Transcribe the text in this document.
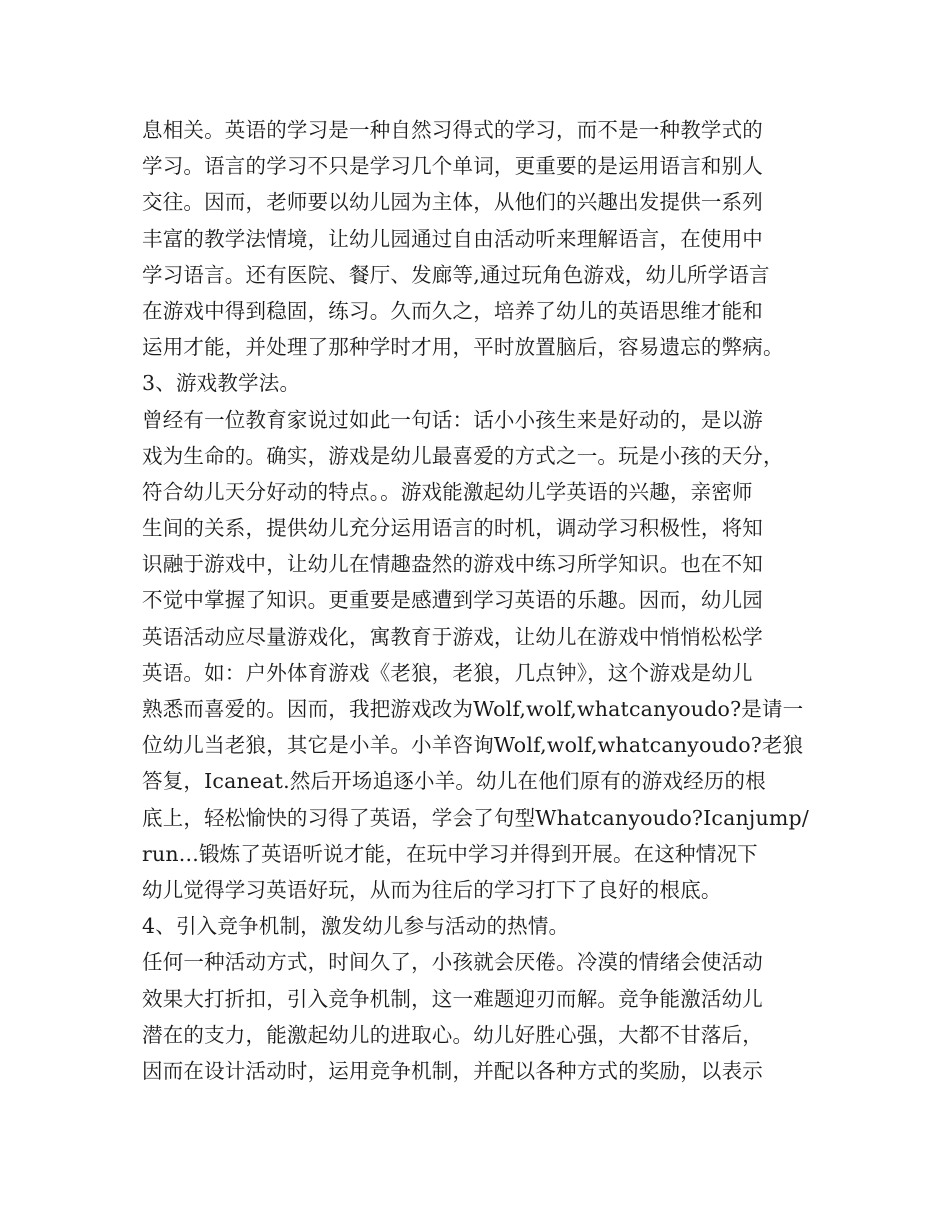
息相关。英语的学习是一种自然习得式的学习，而不是一种教学式的
学习。语言的学习不只是学习几个单词，更重要的是运用语言和别人
交往。因而，老师要以幼儿园为主体，从他们的兴趣出发提供一系列
丰富的教学法情境，让幼儿园通过自由活动听来理解语言，在使用中
学习语言。还有医院、餐厅、发廊等,通过玩角色游戏，幼儿所学语言
在游戏中得到稳固，练习。久而久之，培养了幼儿的英语思维才能和
运用才能，并处理了那种学时才用，平时放置脑后，容易遗忘的弊病。
3、游戏教学法。
曾经有一位教育家说过如此一句话：话小小孩生来是好动的，是以游
戏为生命的。确实，游戏是幼儿最喜爱的方式之一。玩是小孩的天分，
符合幼儿天分好动的特点。。游戏能激起幼儿学英语的兴趣，亲密师
生间的关系，提供幼儿充分运用语言的时机，调动学习积极性，将知
识融于游戏中，让幼儿在情趣盎然的游戏中练习所学知识。也在不知
不觉中掌握了知识。更重要是感遭到学习英语的乐趣。因而，幼儿园
英语活动应尽量游戏化，寓教育于游戏，让幼儿在游戏中悄悄松松学
英语。如：户外体育游戏《老狼，老狼，几点钟》，这个游戏是幼儿
熟悉而喜爱的。因而，我把游戏改为Wolf,wolf,whatcanyoudo?是请一
位幼儿当老狼，其它是小羊。小羊咨询Wolf,wolf,whatcanyoudo?老狼
答复，Icaneat.然后开场追逐小羊。幼儿在他们原有的游戏经历的根
底上，轻松愉快的习得了英语，学会了句型Whatcanyoudo?Icanjump/
run...锻炼了英语听说才能，在玩中学习并得到开展。在这种情况下
幼儿觉得学习英语好玩，从而为往后的学习打下了良好的根底。
4、引入竞争机制，激发幼儿参与活动的热情。
任何一种活动方式，时间久了，小孩就会厌倦。冷漠的情绪会使活动
效果大打折扣，引入竞争机制，这一难题迎刃而解。竞争能激活幼儿
潜在的支力，能激起幼儿的进取心。幼儿好胜心强，大都不甘落后，
因而在设计活动时，运用竞争机制，并配以各种方式的奖励，以表示
